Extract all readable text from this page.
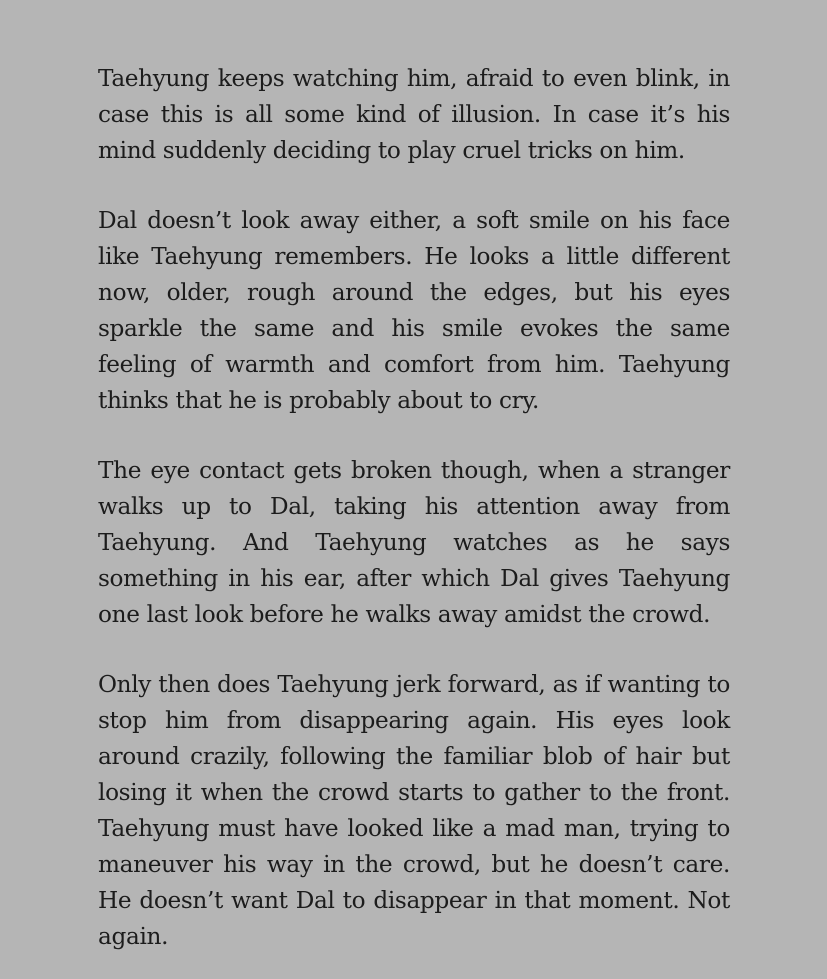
Taehyung keeps watching him, afraid to even blink, in case this is all some kind of illusion. In case it’s his mind suddenly deciding to play cruel tricks on him.

Dal doesn’t look away either, a soft smile on his face like Taehyung remembers. He looks a little different now, older, rough around the edges, but his eyes sparkle the same and his smile evokes the same feeling of warmth and comfort from him. Taehyung thinks that he is probably about to cry.

The eye contact gets broken though, when a stranger walks up to Dal, taking his attention away from Taehyung. And Taehyung watches as he says something in his ear, after which Dal gives Taehyung one last look before he walks away amidst the crowd.

Only then does Taehyung jerk forward, as if wanting to stop him from disappearing again. His eyes look around crazily, following the familiar blob of hair but losing it when the crowd starts to gather to the front. Taehyung must have looked like a mad man, trying to maneuver his way in the crowd, but he doesn’t care. He doesn’t want Dal to disappear in that moment. Not again.
